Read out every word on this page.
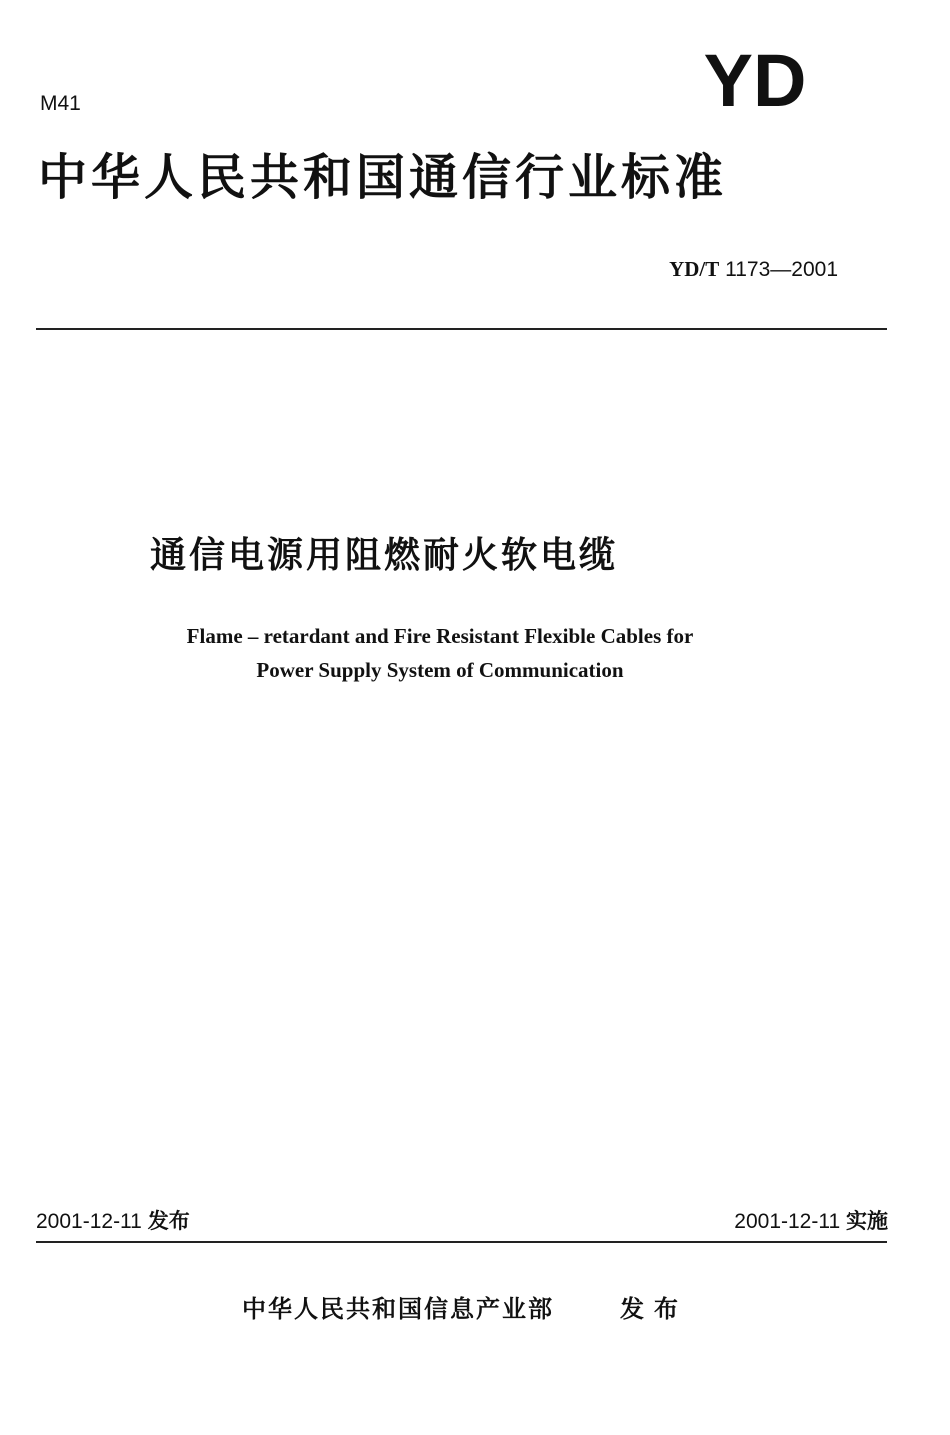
M41	YD
中华人民共和国通信行业标准
YD/T 1173—2001
通信电源用阻燃耐火软电缆
Flame – retardant and Fire Resistant Flexible Cables for
Power Supply System of Communication
2001-12-11 发布	2001-12-11 实施
中华人民共和国信息产业部	发布
